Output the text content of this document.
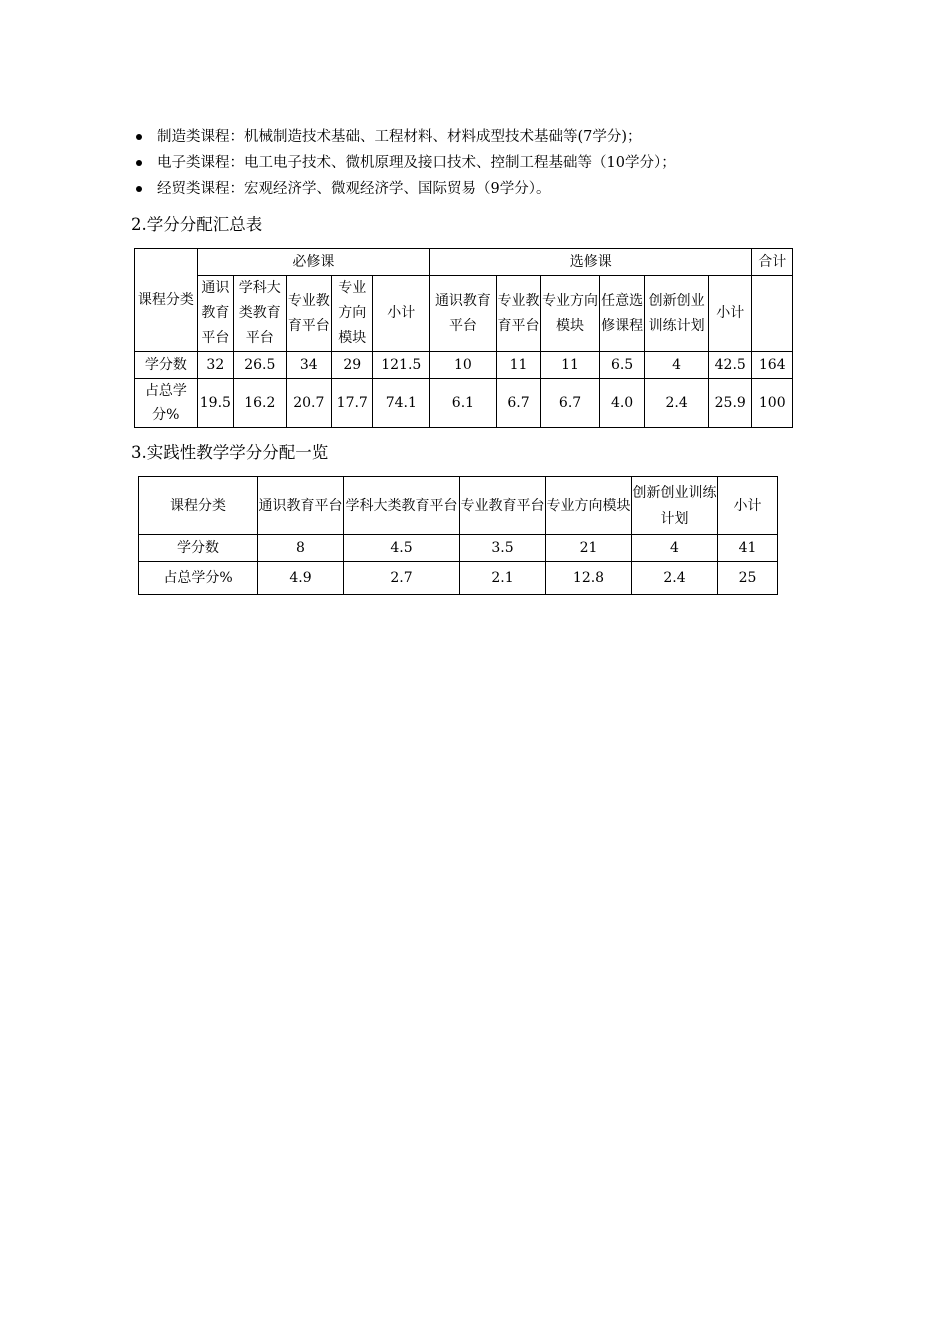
制造类课程：机械制造技术基础、工程材料、材料成型技术基础等(7学分)；
电子类课程：电工电子技术、微机原理及接口技术、控制工程基础等（10学分）；
经贸类课程：宏观经济学、微观经济学、国际贸易（9学分）。
2.学分分配汇总表
课程分类	必修课					选修课						合计
	通识教育平台	学科大类教育平台	专业教育平台	专业方向模块	小计	通识教育平台	专业教育平台	专业方向模块	任意选修课程	创新创业训练计划	小计	
学分数	32	26.5	34	29	121.5	10	11	11	6.5	4	42.5	164
占总学分%	19.5	16.2	20.7	17.7	74.1	6.1	6.7	6.7	4.0	2.4	25.9	100
3.实践性教学学分分配一览
课程分类	通识教育平台	学科大类教育平台	专业教育平台	专业方向模块	创新创业训练计划	小计
学分数	8	4.5	3.5	21	4	41
占总学分%	4.9	2.7	2.1	12.8	2.4	25
